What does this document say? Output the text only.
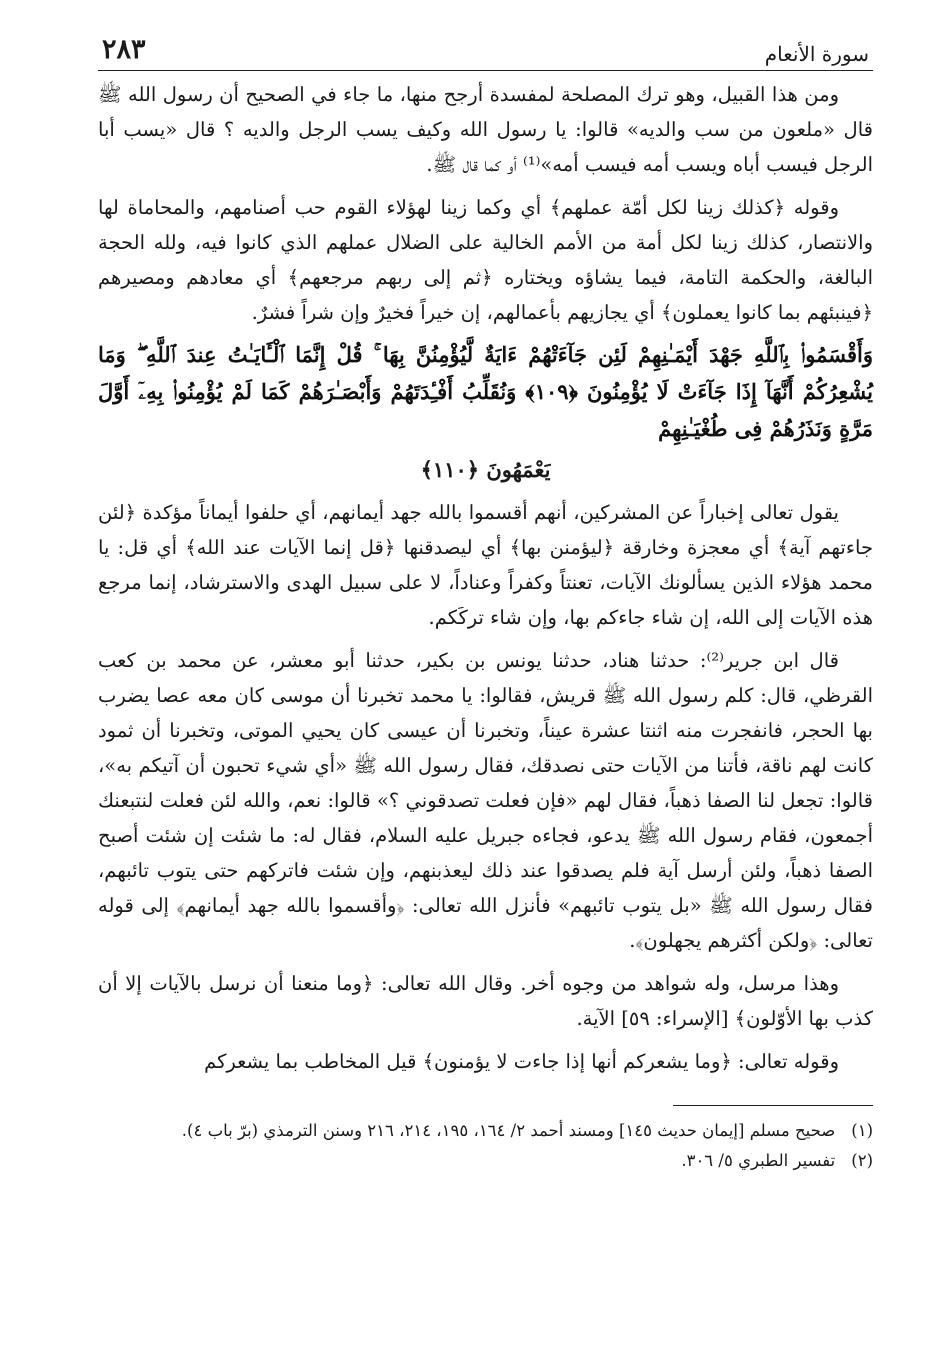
سورة الأنعام
٢٨٣

ومن هذا القبيل، وهو ترك المصلحة لمفسدة أرجح منها، ما جاء في الصحيح أن رسول الله ﷺ قال «ملعون من سب والديه» قالوا: يا رسول الله وكيف يسب الرجل والديه ؟ قال «يسب أبا الرجل فيسب أباه ويسب أمه فيسب أمه»⁽¹⁾ أو كما قال ﷺ.

وقوله ﴿كذلك زينا لكل أمّة عملهم﴾ أي وكما زينا لهؤلاء القوم حب أصنامهم، والمحاماة لها والانتصار، كذلك زينا لكل أمة من الأمم الخالية على الضلال عملهم الذي كانوا فيه، ولله الحجة البالغة، والحكمة التامة، فيما يشاؤه ويختاره ﴿ثم إلى ربهم مرجعهم﴾ أي معادهم ومصيرهم ﴿فينبئهم بما كانوا يعملون﴾ أي يجازيهم بأعمالهم، إن خيراً فخيرٌ وإن شراً فشرٌ.

وَأَقْسَمُوا۟ بِٱللَّهِ جَهْدَ أَيْمَـٰنِهِمْ لَئِن جَآءَتْهُمْ ءَايَةٌ لَّيُؤْمِنُنَّ بِهَا ۚ قُلْ إِنَّمَا ٱلْـَٔايَـٰتُ عِندَ ٱللَّهِ ۖ وَمَا يُشْعِرُكُمْ أَنَّهَآ إِذَا جَآءَتْ لَا يُؤْمِنُونَ ﴿١٠٩﴾ وَنُقَلِّبُ أَفْـِٔدَتَهُمْ وَأَبْصَـٰرَهُمْ كَمَا لَمْ يُؤْمِنُوا۟ بِهِۦٓ أَوَّلَ مَرَّةٍ وَنَذَرُهُمْ فِى طُغْيَـٰنِهِمْ
يَعْمَهُونَ ﴿١١٠﴾

يقول تعالى إخباراً عن المشركين، أنهم أقسموا بالله جهد أيمانهم، أي حلفوا أيماناً مؤكدة ﴿لئن جاءتهم آية﴾ أي معجزة وخارقة ﴿ليؤمنن بها﴾ أي ليصدقنها ﴿قل إنما الآيات عند الله﴾ أي قل: يا محمد هؤلاء الذين يسألونك الآيات، تعنتاً وكفراً وعناداً، لا على سبيل الهدى والاسترشاد، إنما مرجع هذه الآيات إلى الله، إن شاء جاءكم بها، وإن شاء تركَكم.

قال ابن جرير⁽²⁾: حدثنا هناد، حدثنا يونس بن بكير، حدثنا أبو معشر، عن محمد بن كعب القرظي، قال: كلم رسول الله ﷺ قريش، فقالوا: يا محمد تخبرنا أن موسى كان معه عصا يضرب بها الحجر، فانفجرت منه اثنتا عشرة عيناً، وتخبرنا أن عيسى كان يحيي الموتى، وتخبرنا أن ثمود كانت لهم ناقة، فأتنا من الآيات حتى نصدقك، فقال رسول الله ﷺ «أي شيء تحبون أن آتيكم به»، قالوا: تجعل لنا الصفا ذهباً، فقال لهم «فإن فعلت تصدقوني ؟» قالوا: نعم، والله لئن فعلت لنتبعنك أجمعون، فقام رسول الله ﷺ يدعو، فجاءه جبريل عليه السلام، فقال له: ما شئت إن شئت أصبح الصفا ذهباً، ولئن أرسل آية فلم يصدقوا عند ذلك ليعذبنهم، وإن شئت فاتركهم حتى يتوب تائبهم، فقال رسول الله ﷺ «بل يتوب تائبهم» فأنزل الله تعالى: ﴿وأقسموا بالله جهد أيمانهم﴾ إلى قوله تعالى: ﴿ولكن أكثرهم يجهلون﴾.

وهذا مرسل، وله شواهد من وجوه أخر. وقال الله تعالى: ﴿وما منعنا أن نرسل بالآيات إلا أن كذب بها الأوّلون﴾ [الإسراء: ٥٩] الآية.

وقوله تعالى: ﴿وما يشعركم أنها إذا جاءت لا يؤمنون﴾ قيل المخاطب بما يشعركم

(١)صحيح مسلم [إيمان حديث ١٤٥] ومسند أحمد ٢/ ١٦٤، ١٩٥، ٢١٤، ٢١٦ وسنن الترمذي (برّ باب ٤).

(٢)تفسير الطبري ٥/ ٣٠٦.
